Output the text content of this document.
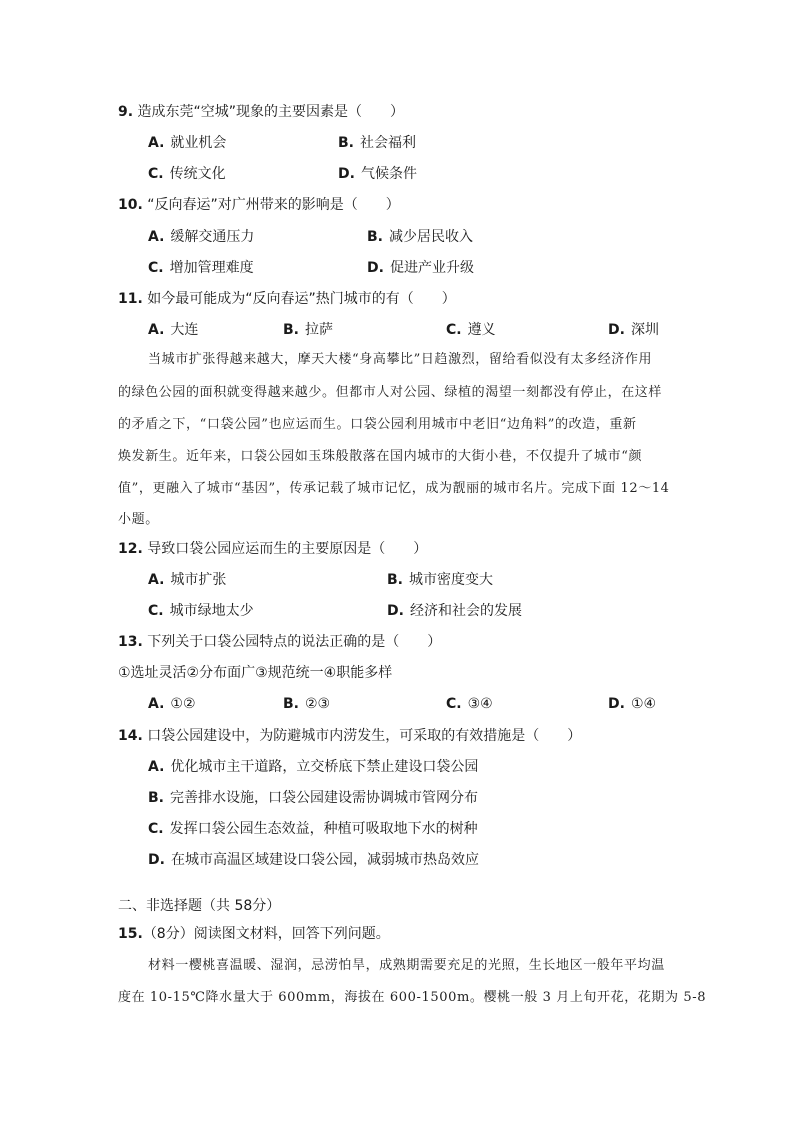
9. 造成东莞“空城”现象的主要因素是（　　）
A. 就业机会	B. 社会福利
C. 传统文化	D. 气候条件
10. “反向春运”对广州带来的影响是（　　）
A. 缓解交通压力	B. 减少居民收入
C. 增加管理难度	D. 促进产业升级
11. 如今最可能成为“反向春运”热门城市的有（　　）
A. 大连	B. 拉萨	C. 遵义	D. 深圳
当城市扩张得越来越大，摩天大楼“身高攀比”日趋激烈，留给看似没有太多经济作用
的绿色公园的面积就变得越来越少。但都市人对公园、绿植的渴望一刻都没有停止，在这样
的矛盾之下，“口袋公园”也应运而生。口袋公园利用城市中老旧“边角料”的改造，重新
焕发新生。近年来，口袋公园如玉珠般散落在国内城市的大街小巷，不仅提升了城市“颜
值”，更融入了城市“基因”，传承记载了城市记忆，成为靓丽的城市名片。完成下面 12～14
小题。
12. 导致口袋公园应运而生的主要原因是（　　）
A. 城市扩张	B. 城市密度变大
C. 城市绿地太少	D. 经济和社会的发展
13. 下列关于口袋公园特点的说法正确的是（　　）
①选址灵活②分布面广③规范统一④职能多样
A. ①②	B. ②③	C. ③④	D. ①④
14. 口袋公园建设中，为防避城市内涝发生，可采取的有效措施是（　　）
A. 优化城市主干道路，立交桥底下禁止建设口袋公园
B. 完善排水设施，口袋公园建设需协调城市管网分布
C. 发挥口袋公园生态效益，种植可吸取地下水的树种
D. 在城市高温区域建设口袋公园，减弱城市热岛效应
二、非选择题（共 58分）
15.（8分）阅读图文材料，回答下列问题。
材料一樱桃喜温暖、湿润，忌涝怕旱，成熟期需要充足的光照，生长地区一般年平均温
度在 10-15℃降水量大于 600mm，海拔在 600-1500m。樱桃一般 3 月上旬开花，花期为 5-8
